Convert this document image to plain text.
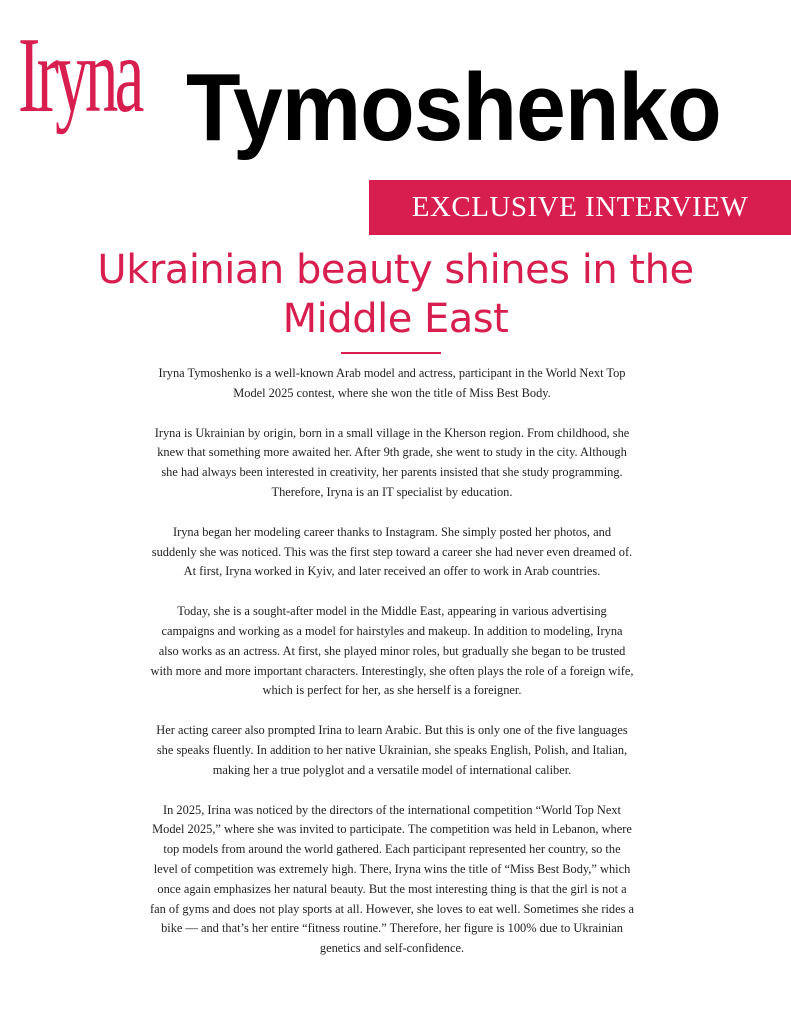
Iryna Tymoshenko
EXCLUSIVE INTERVIEW
Ukrainian beauty shines in the
Middle East

Iryna Tymoshenko is a well-known Arab model and actress, participant in the World Next Top Model 2025 contest, where she won the title of Miss Best Body.

Iryna is Ukrainian by origin, born in a small village in the Kherson region. From childhood, she knew that something more awaited her. After 9th grade, she went to study in the city. Although she had always been interested in creativity, her parents insisted that she study programming. Therefore, Iryna is an IT specialist by education.

Iryna began her modeling career thanks to Instagram. She simply posted her photos, and suddenly she was noticed. This was the first step toward a career she had never even dreamed of. At first, Iryna worked in Kyiv, and later received an offer to work in Arab countries.

Today, she is a sought-after model in the Middle East, appearing in various advertising campaigns and working as a model for hairstyles and makeup. In addition to modeling, Iryna also works as an actress. At first, she played minor roles, but gradually she began to be trusted with more and more important characters. Interestingly, she often plays the role of a foreign wife, which is perfect for her, as she herself is a foreigner.

Her acting career also prompted Irina to learn Arabic. But this is only one of the five languages she speaks fluently. In addition to her native Ukrainian, she speaks English, Polish, and Italian, making her a true polyglot and a versatile model of international caliber.

In 2025, Irina was noticed by the directors of the international competition “World Top Next Model 2025,” where she was invited to participate. The competition was held in Lebanon, where top models from around the world gathered. Each participant represented her country, so the level of competition was extremely high. There, Iryna wins the title of “Miss Best Body,” which once again emphasizes her natural beauty. But the most interesting thing is that the girl is not a fan of gyms and does not play sports at all. However, she loves to eat well. Sometimes she rides a bike — and that’s her entire “fitness routine.” Therefore, her figure is 100% due to Ukrainian genetics and self-confidence.
